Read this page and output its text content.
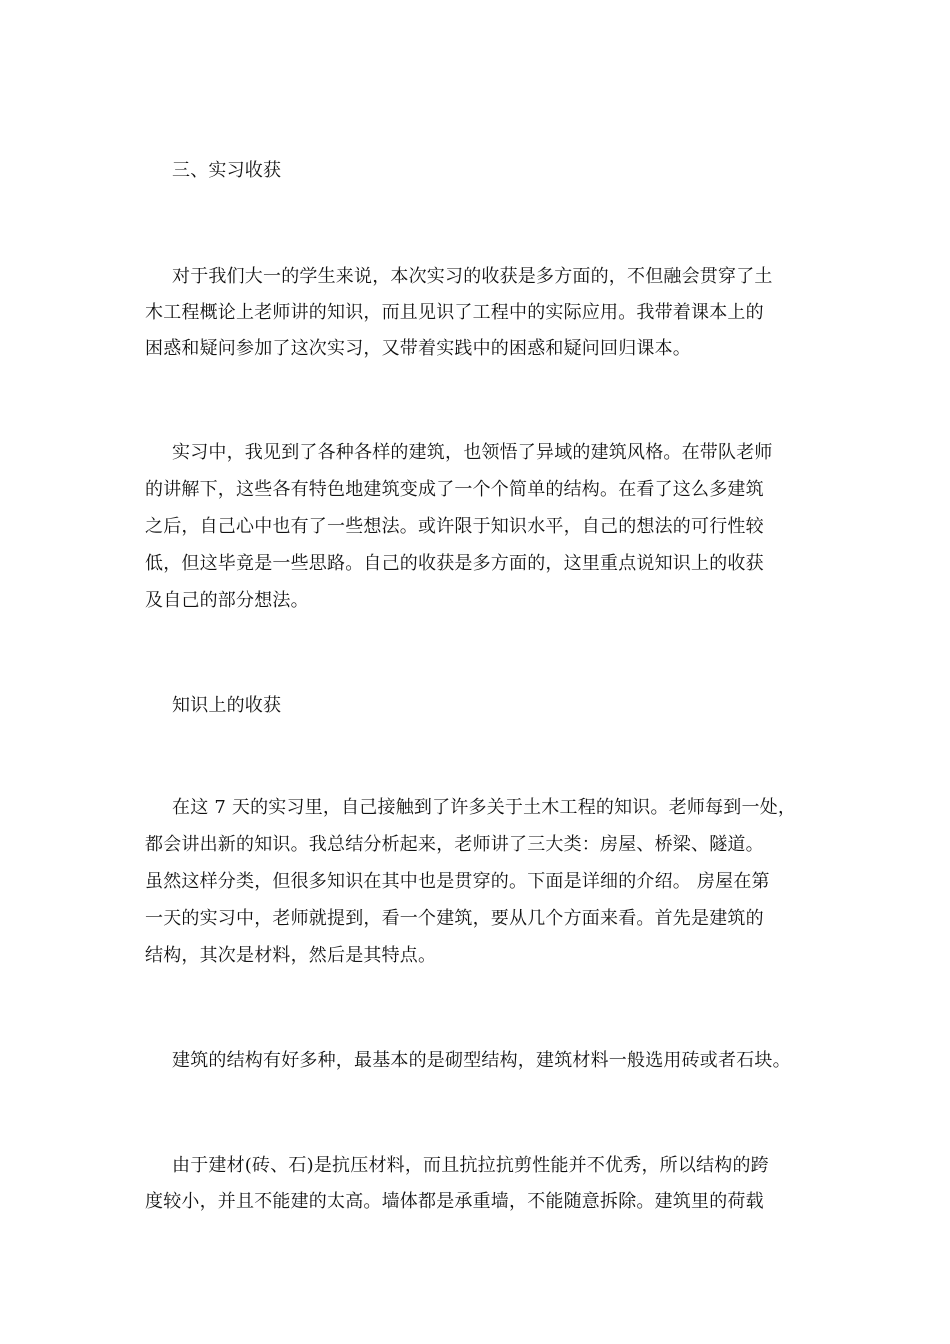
三、实习收获
对于我们大一的学生来说，本次实习的收获是多方面的，不但融会贯穿了土
木工程概论上老师讲的知识，而且见识了工程中的实际应用。我带着课本上的
困惑和疑问参加了这次实习，又带着实践中的困惑和疑问回归课本。
实习中，我见到了各种各样的建筑，也领悟了异域的建筑风格。在带队老师
的讲解下，这些各有特色地建筑变成了一个个简单的结构。在看了这么多建筑
之后，自己心中也有了一些想法。或许限于知识水平，自己的想法的可行性较
低，但这毕竟是一些思路。自己的收获是多方面的，这里重点说知识上的收获
及自己的部分想法。
知识上的收获
在这 7 天的实习里，自己接触到了许多关于土木工程的知识。老师每到一处，
都会讲出新的知识。我总结分析起来，老师讲了三大类：房屋、桥梁、隧道。
虽然这样分类，但很多知识在其中也是贯穿的。下面是详细的介绍。 房屋在第
一天的实习中，老师就提到，看一个建筑，要从几个方面来看。首先是建筑的
结构，其次是材料，然后是其特点。
建筑的结构有好多种，最基本的是砌型结构，建筑材料一般选用砖或者石块。
由于建材(砖、石)是抗压材料，而且抗拉抗剪性能并不优秀，所以结构的跨
度较小，并且不能建的太高。墙体都是承重墙，不能随意拆除。建筑里的荷载
